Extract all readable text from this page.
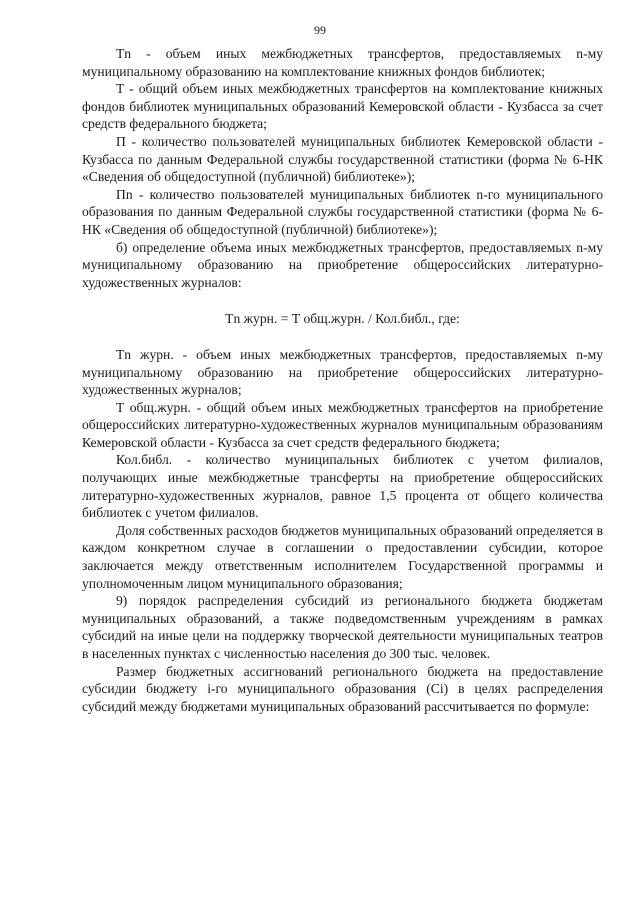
99

Tn - объем иных межбюджетных трансфертов, предоставляемых n-му муниципальному образованию на комплектование книжных фондов библиотек;

T - общий объем иных межбюджетных трансфертов на комплектование книжных фондов библиотек муниципальных образований Кемеровской области - Кузбасса за счет средств федерального бюджета;

П - количество пользователей муниципальных библиотек Кемеровской области - Кузбасса по данным Федеральной службы государственной статистики (форма № 6-НК «Сведения об общедоступной (публичной) библиотеке»);

Пn - количество пользователей муниципальных библиотек n-го муниципального образования по данным Федеральной службы государственной статистики (форма № 6-НК «Сведения об общедоступной (публичной) библиотеке»);

б) определение объема иных межбюджетных трансфертов, предоставляемых n-му муниципальному образованию на приобретение общероссийских литературно-художественных журналов:

Tn журн. = Т общ.журн. / Кол.библ., где:

Tn журн. - объем иных межбюджетных трансфертов, предоставляемых n-му муниципальному образованию на приобретение общероссийских литературно-художественных журналов;

T общ.журн. - общий объем иных межбюджетных трансфертов на приобретение общероссийских литературно-художественных журналов муниципальным образованиям Кемеровской области - Кузбасса за счет средств федерального бюджета;

Кол.библ. - количество муниципальных библиотек с учетом филиалов, получающих иные межбюджетные трансферты на приобретение общероссийских литературно-художественных журналов, равное 1,5 процента от общего количества библиотек с учетом филиалов.

Доля собственных расходов бюджетов муниципальных образований определяется в каждом конкретном случае в соглашении о предоставлении субсидии, которое заключается между ответственным исполнителем Государственной программы и уполномоченным лицом муниципального образования;

9) порядок распределения субсидий из регионального бюджета бюджетам муниципальных образований, а также подведомственным учреждениям в рамках субсидий на иные цели на поддержку творческой деятельности муниципальных театров в населенных пунктах с численностью населения до 300 тыс. человек.

Размер бюджетных ассигнований регионального бюджета на предоставление субсидии бюджету i-го муниципального образования (Ci) в целях распределения субсидий между бюджетами муниципальных образований рассчитывается по формуле:
